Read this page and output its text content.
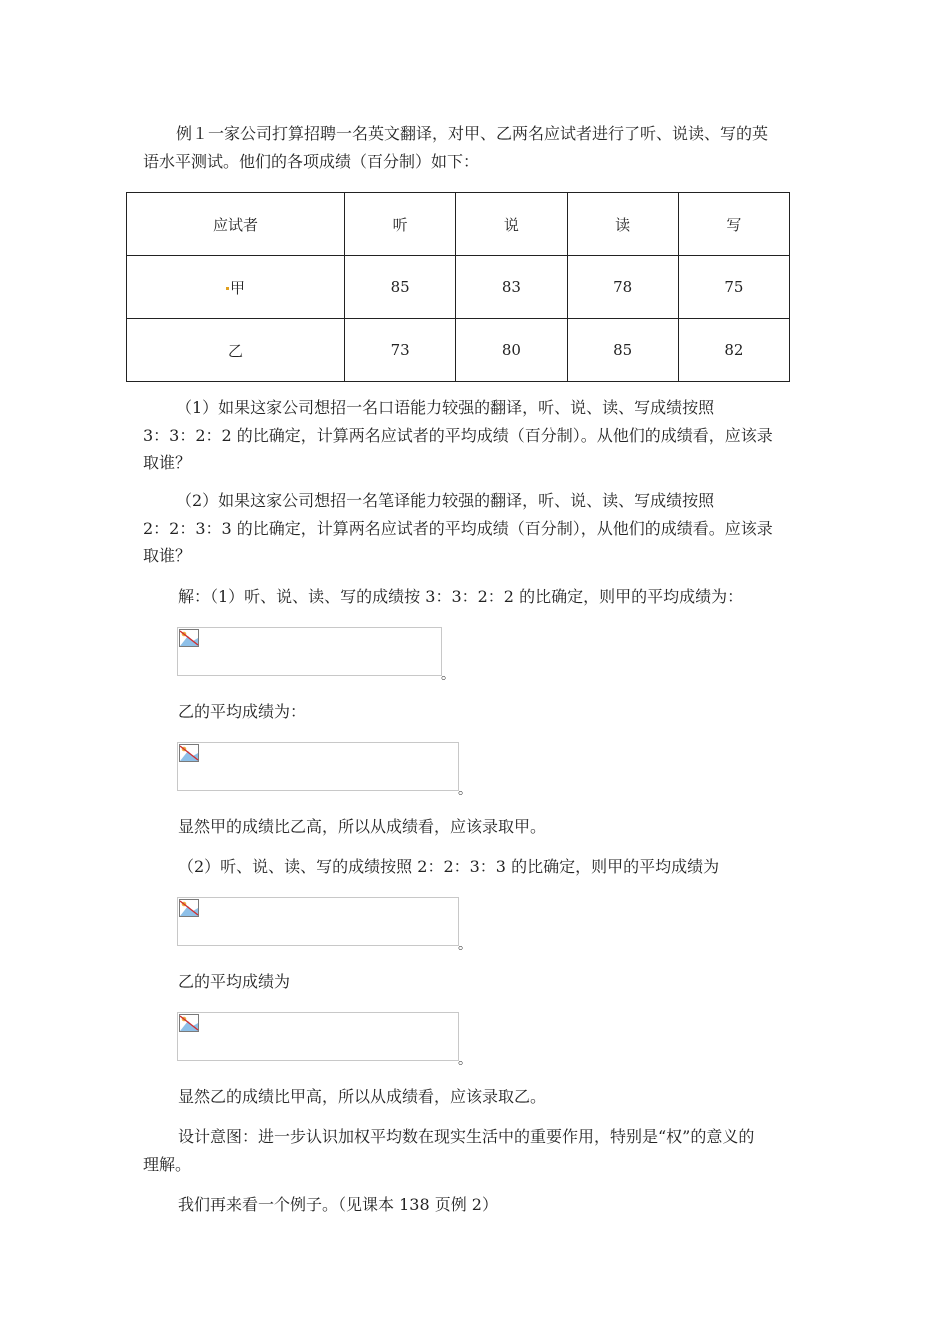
例１一家公司打算招聘一名英文翻译，对甲、乙两名应试者进行了听、说读、写的英
语水平测试。他们的各项成绩（百分制）如下：
应试者	听	说	读	写
甲	85	83	78	75
乙	73	80	85	82
（1）如果这家公司想招一名口语能力较强的翻译，听、说、读、写成绩按照
3：3：2：2 的比确定，计算两名应试者的平均成绩（百分制）。从他们的成绩看，应该录
取谁？
（2）如果这家公司想招一名笔译能力较强的翻译，听、说、读、写成绩按照
2：2：3：3 的比确定，计算两名应试者的平均成绩（百分制），从他们的成绩看。应该录
取谁？
解：（1）听、说、读、写的成绩按 3：3：2：2 的比确定，则甲的平均成绩为：
。
乙的平均成绩为：
。
显然甲的成绩比乙高，所以从成绩看，应该录取甲。
（2）听、说、读、写的成绩按照 2：2：3：3 的比确定，则甲的平均成绩为
。
乙的平均成绩为
。
显然乙的成绩比甲高，所以从成绩看，应该录取乙。
设计意图：进一步认识加权平均数在现实生活中的重要作用，特别是“权”的意义的
理解。
我们再来看一个例子。（见课本 138 页例 2）
